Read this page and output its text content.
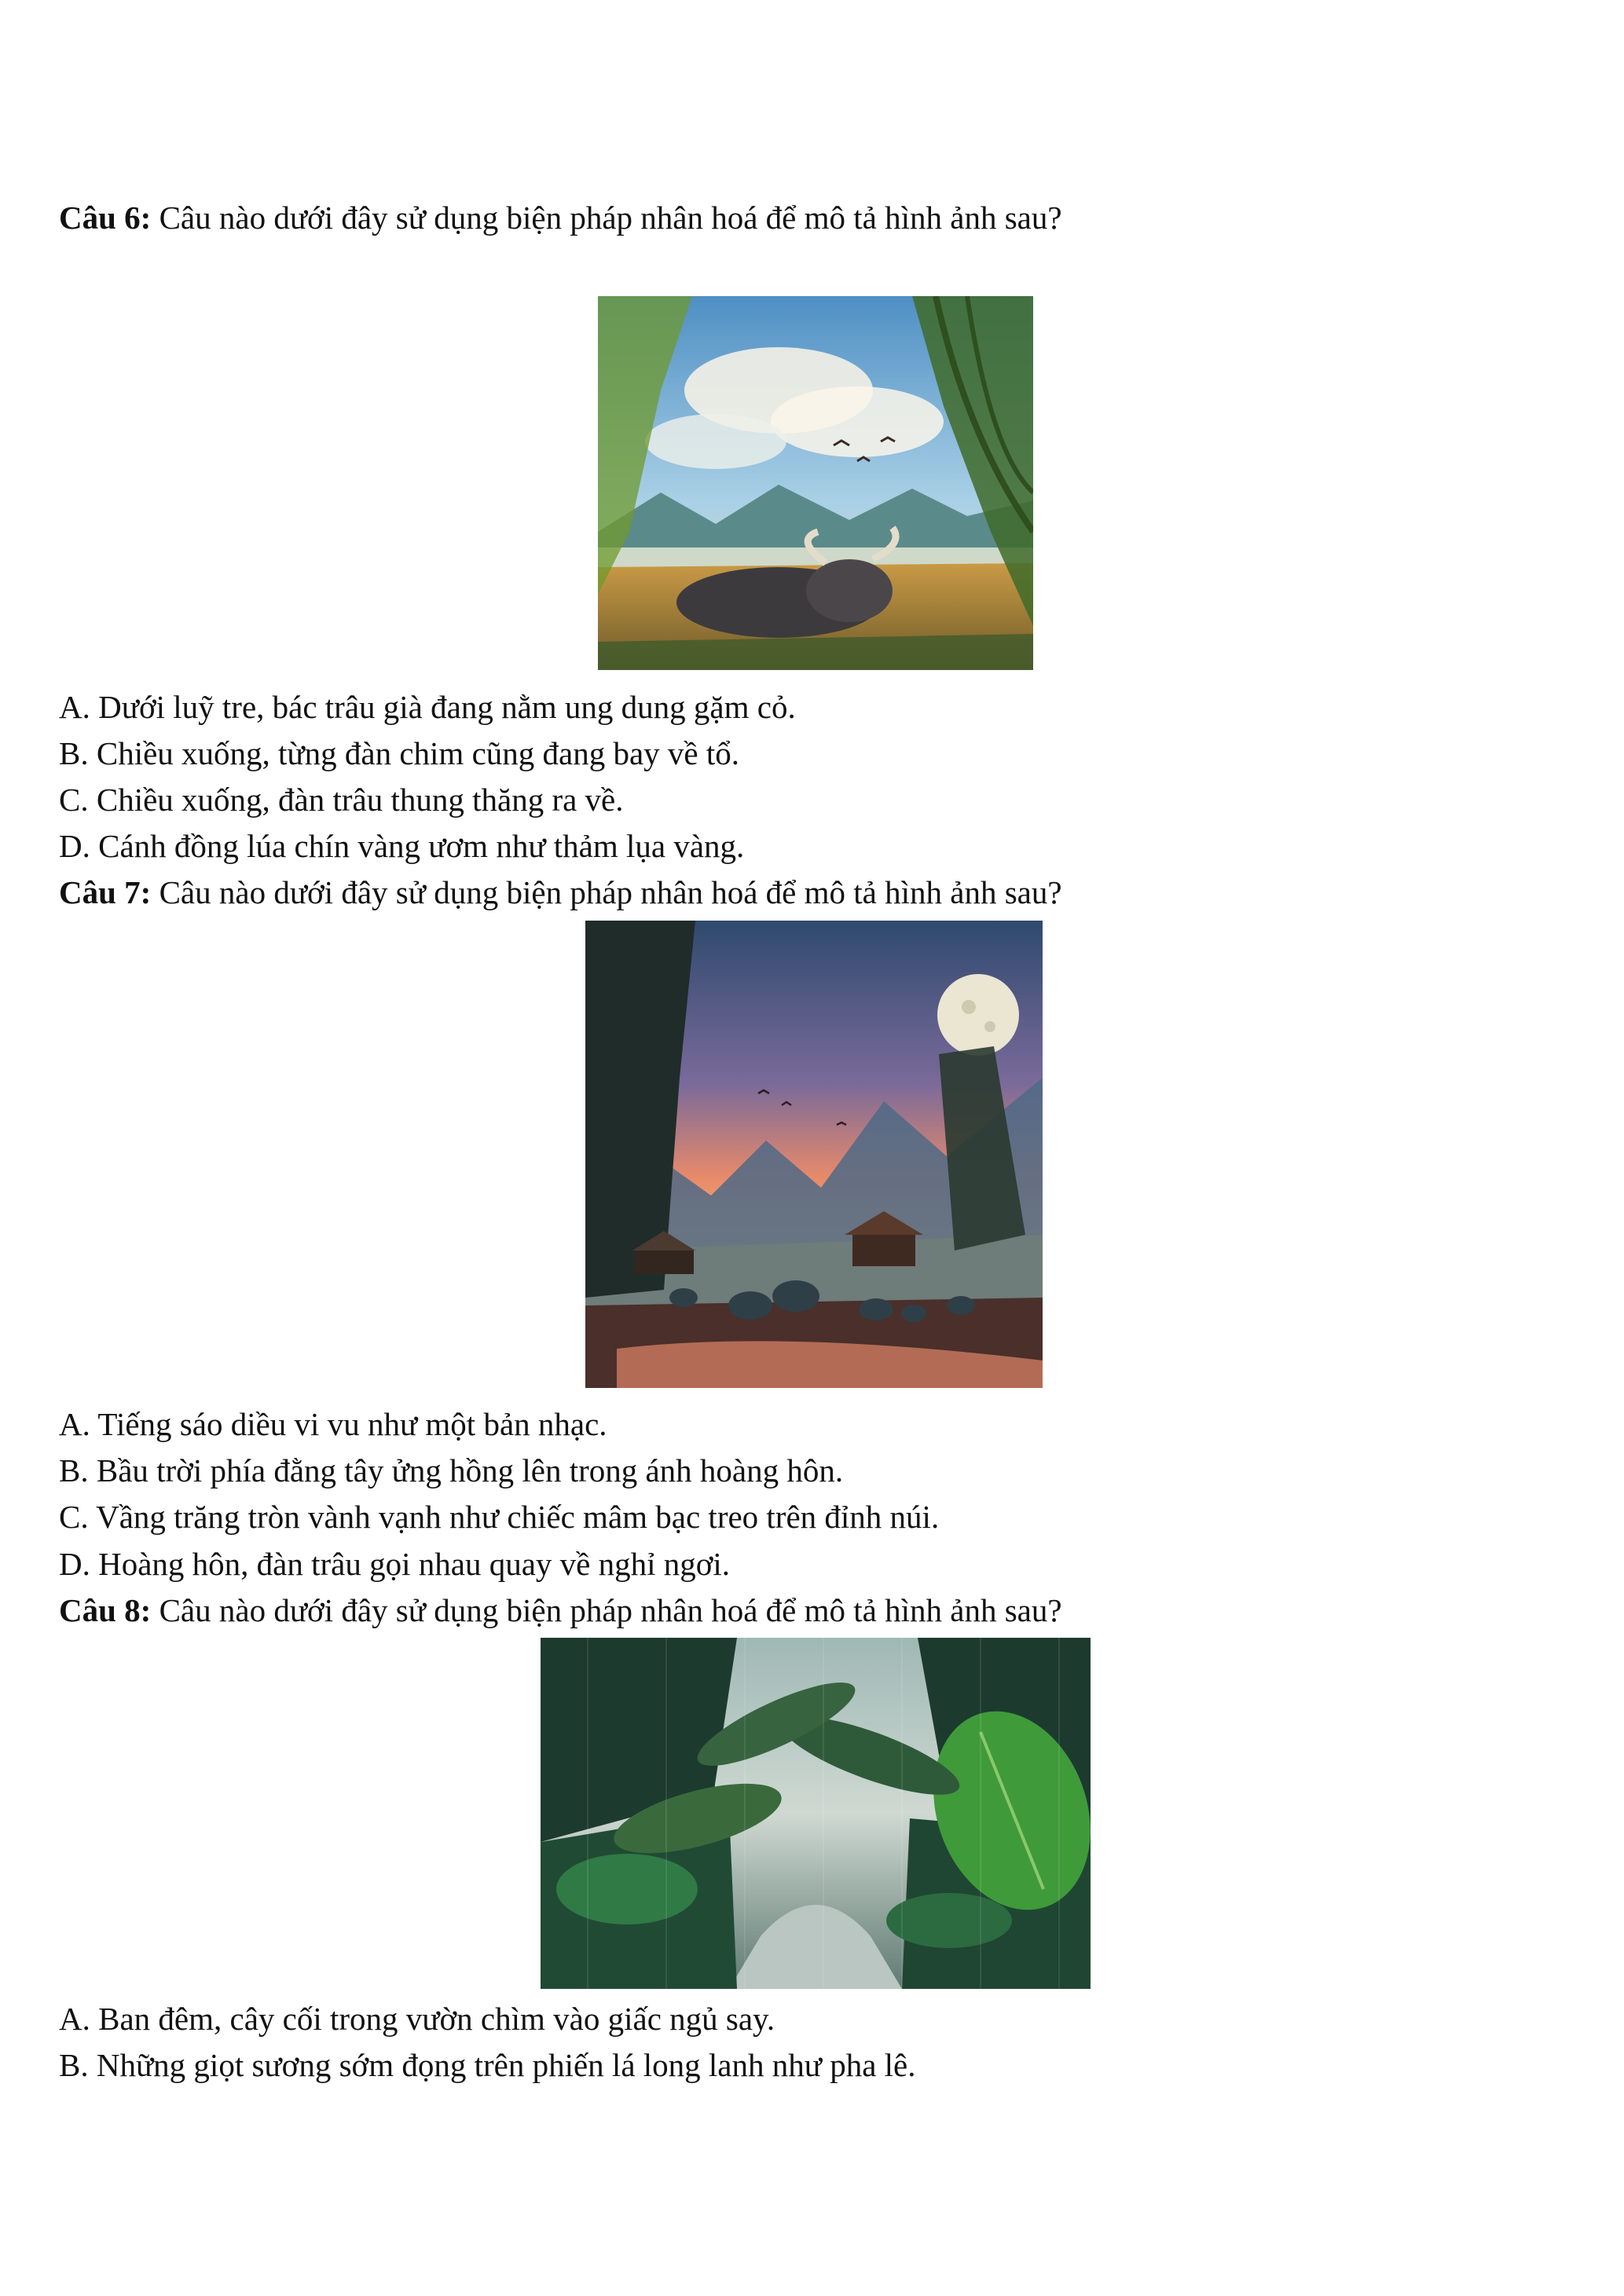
Câu 6: Câu nào dưới đây sử dụng biện pháp nhân hoá để mô tả hình ảnh sau?
A. Dưới luỹ tre, bác trâu già đang nằm ung dung gặm cỏ.
B. Chiều xuống, từng đàn chim cũng đang bay về tổ.
C. Chiều xuống, đàn trâu thung thăng ra về.
D. Cánh đồng lúa chín vàng ươm như thảm lụa vàng.
Câu 7: Câu nào dưới đây sử dụng biện pháp nhân hoá để mô tả hình ảnh sau?
A. Tiếng sáo diều vi vu như một bản nhạc.
B. Bầu trời phía đằng tây ửng hồng lên trong ánh hoàng hôn.
C. Vầng trăng tròn vành vạnh như chiếc mâm bạc treo trên đỉnh núi.
D. Hoàng hôn, đàn trâu gọi nhau quay về nghỉ ngơi.
Câu 8: Câu nào dưới đây sử dụng biện pháp nhân hoá để mô tả hình ảnh sau?
A. Ban đêm, cây cối trong vườn chìm vào giấc ngủ say.
B. Những giọt sương sớm đọng trên phiến lá long lanh như pha lê.
